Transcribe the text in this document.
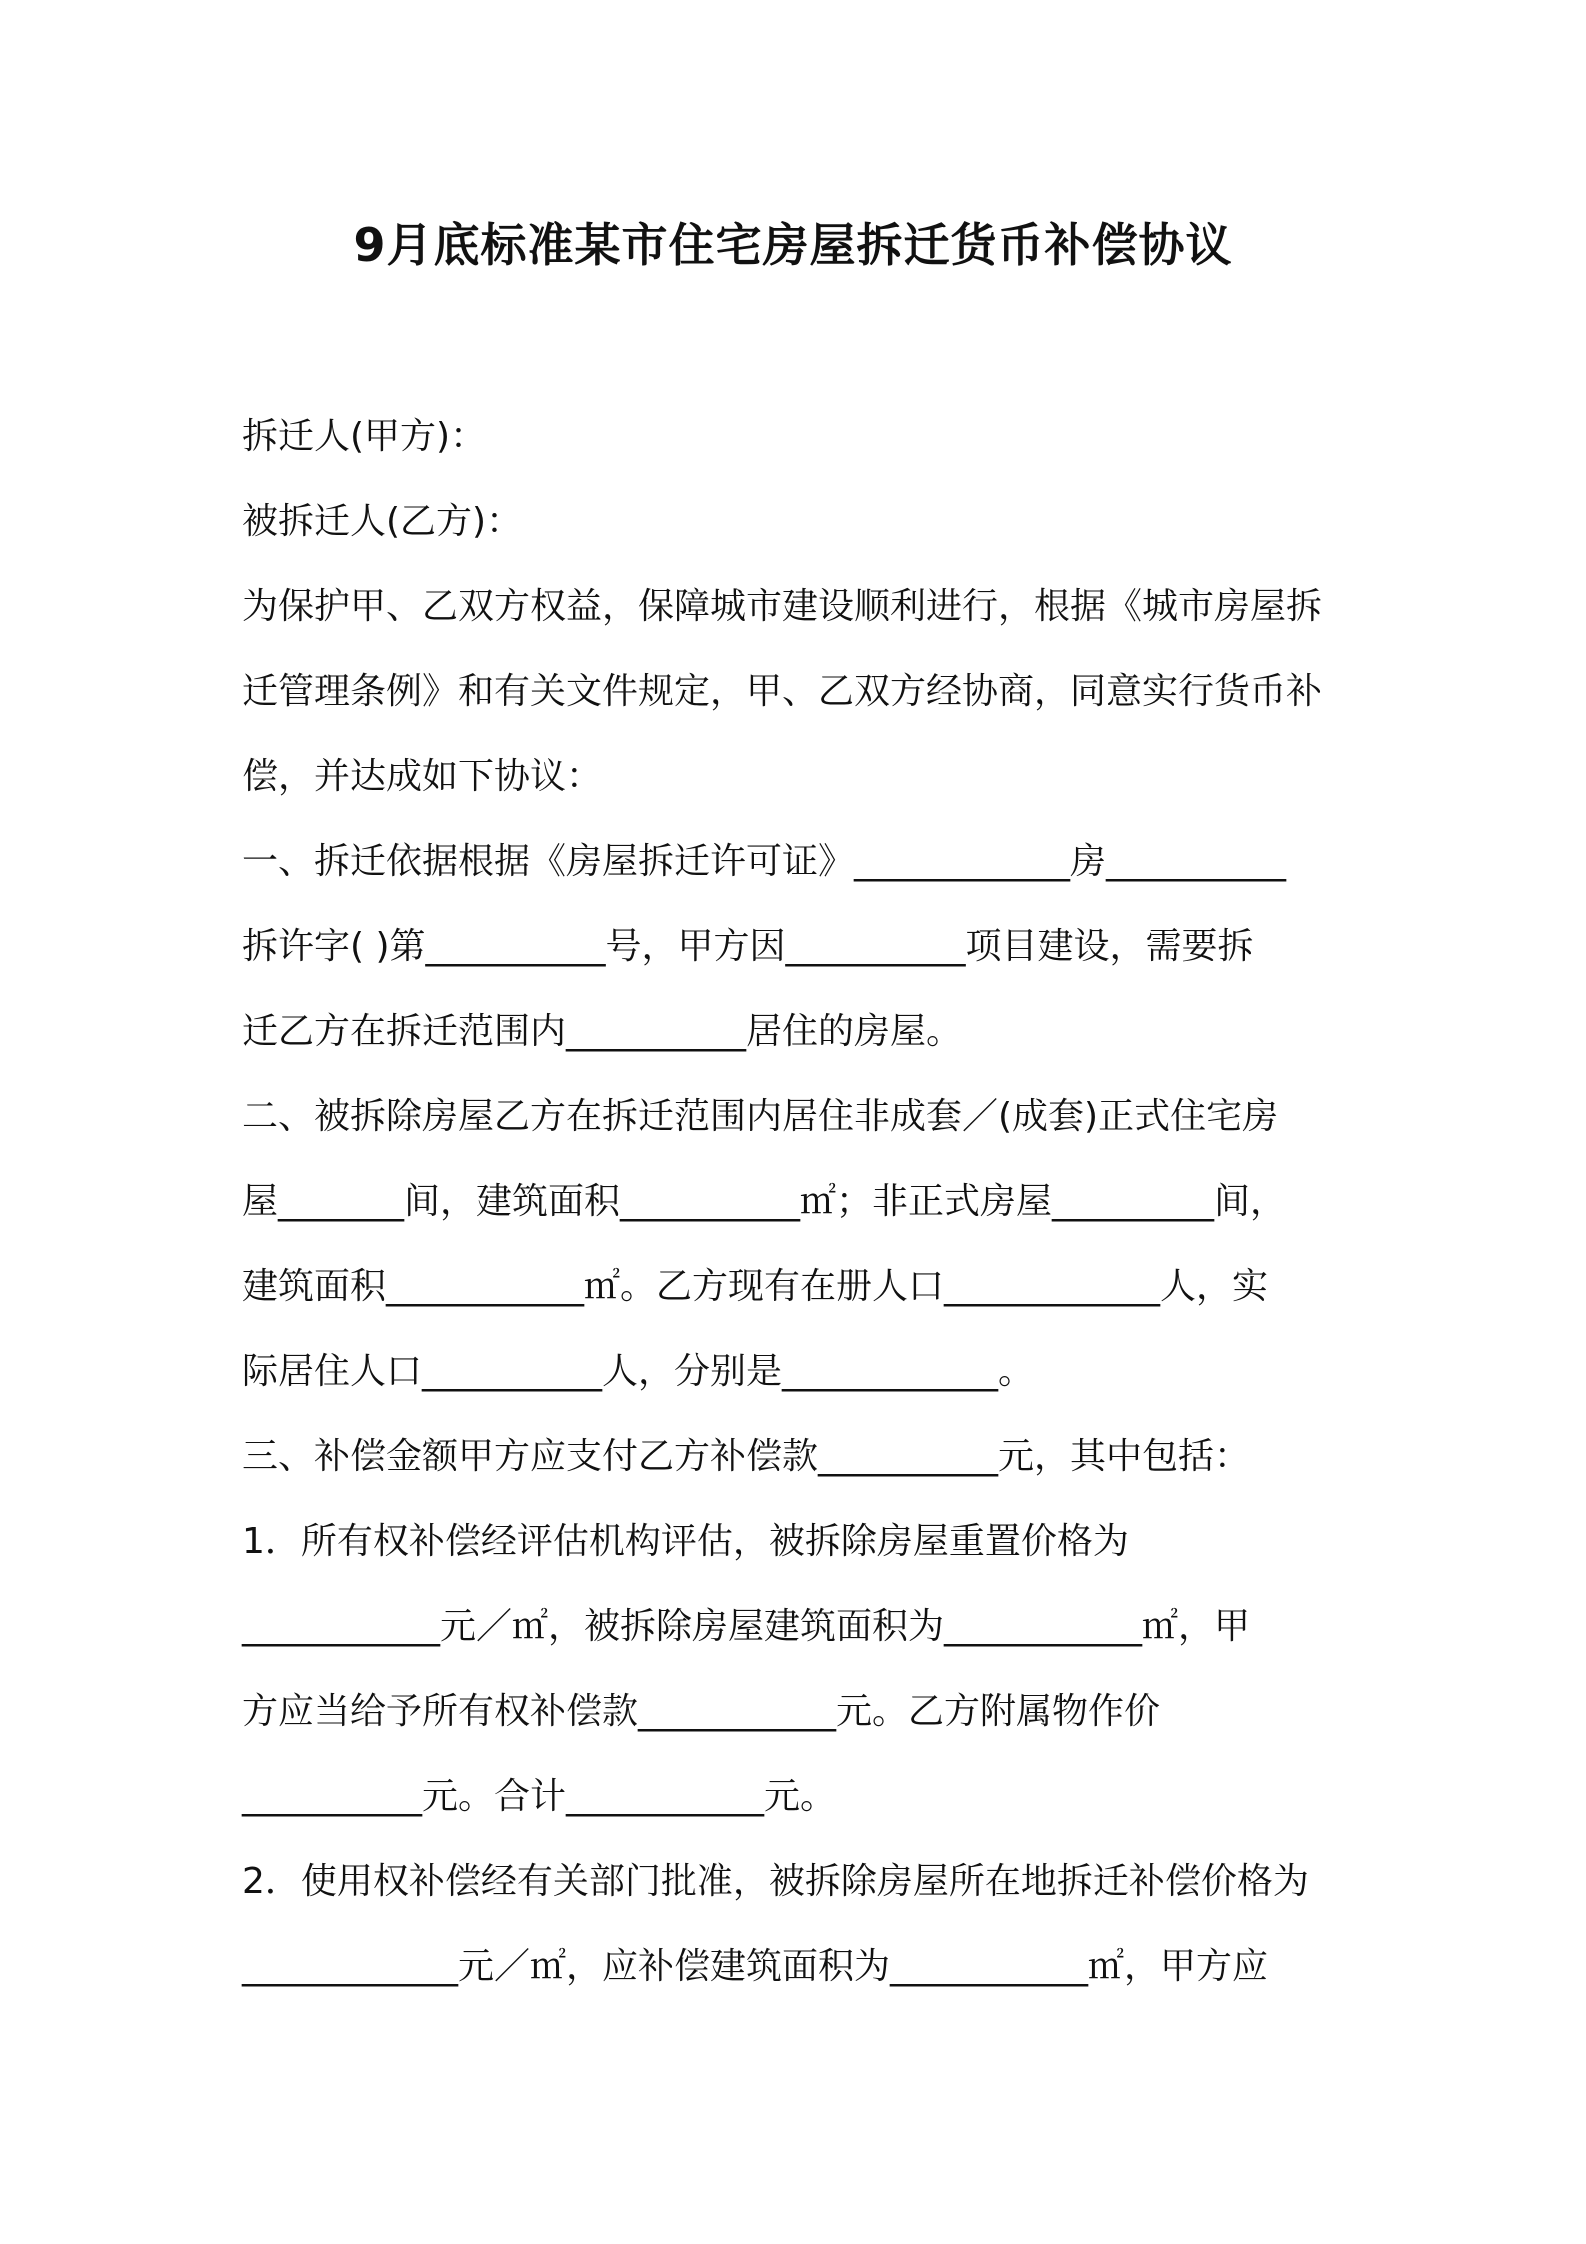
9月底标准某市住宅房屋拆迁货币补偿协议
拆迁人(甲方)：
被拆迁人(乙方)：
为保护甲、乙双方权益，保障城市建设顺利进行，根据《城市房屋拆
迁管理条例》和有关文件规定，甲、乙双方经协商，同意实行货币补
偿，并达成如下协议：
一、拆迁依据根据《房屋拆迁许可证》____________房__________
拆许字( )第__________号，甲方因__________项目建设，需要拆
迁乙方在拆迁范围内__________居住的房屋。
二、被拆除房屋乙方在拆迁范围内居住非成套／(成套)正式住宅房
屋_______间，建筑面积__________㎡；非正式房屋_________间，
建筑面积___________㎡。乙方现有在册人口____________人，实
际居住人口__________人，分别是____________。
三、补偿金额甲方应支付乙方补偿款__________元，其中包括：
1．所有权补偿经评估机构评估，被拆除房屋重置价格为
___________元／㎡，被拆除房屋建筑面积为___________㎡，甲
方应当给予所有权补偿款___________元。乙方附属物作价
__________元。合计___________元。
2．使用权补偿经有关部门批准，被拆除房屋所在地拆迁补偿价格为
____________元／㎡，应补偿建筑面积为___________㎡，甲方应
